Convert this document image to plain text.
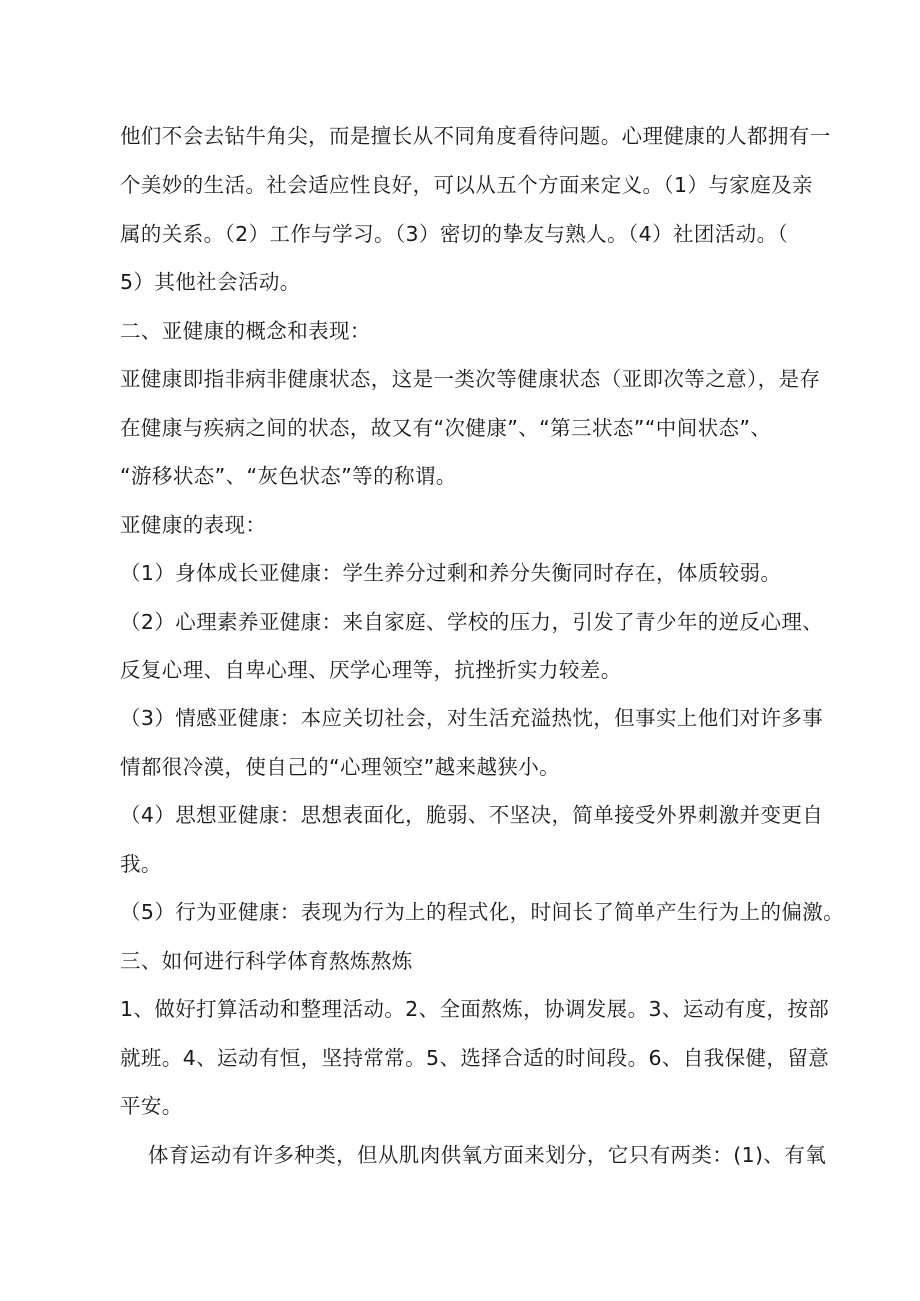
他们不会去钻牛角尖，而是擅长从不同角度看待问题。心理健康的人都拥有一
个美妙的生活。社会适应性良好，可以从五个方面来定义。（1）与家庭及亲
属的关系。（2）工作与学习。（3）密切的挚友与熟人。（4）社团活动。（
5）其他社会活动。
二、亚健康的概念和表现：
亚健康即指非病非健康状态，这是一类次等健康状态（亚即次等之意），是存
在健康与疾病之间的状态，故又有“次健康”、“第三状态”“中间状态”、
“游移状态”、“灰色状态”等的称谓。
亚健康的表现：
（1）身体成长亚健康：学生养分过剩和养分失衡同时存在，体质较弱。
（2）心理素养亚健康：来自家庭、学校的压力，引发了青少年的逆反心理、
反复心理、自卑心理、厌学心理等，抗挫折实力较差。
（3）情感亚健康：本应关切社会，对生活充溢热忱，但事实上他们对许多事
情都很冷漠，使自己的“心理领空”越来越狭小。
（4）思想亚健康：思想表面化，脆弱、不坚决，简单接受外界刺激并变更自
我。
（5）行为亚健康：表现为行为上的程式化，时间长了简单产生行为上的偏激。
三、如何进行科学体育熬炼熬炼
1、做好打算活动和整理活动。2、全面熬炼，协调发展。3、运动有度，按部
就班。4、运动有恒，坚持常常。5、选择合适的时间段。6、自我保健，留意
平安。
体育运动有许多种类，但从肌肉供氧方面来划分，它只有两类：(1)、有氧
